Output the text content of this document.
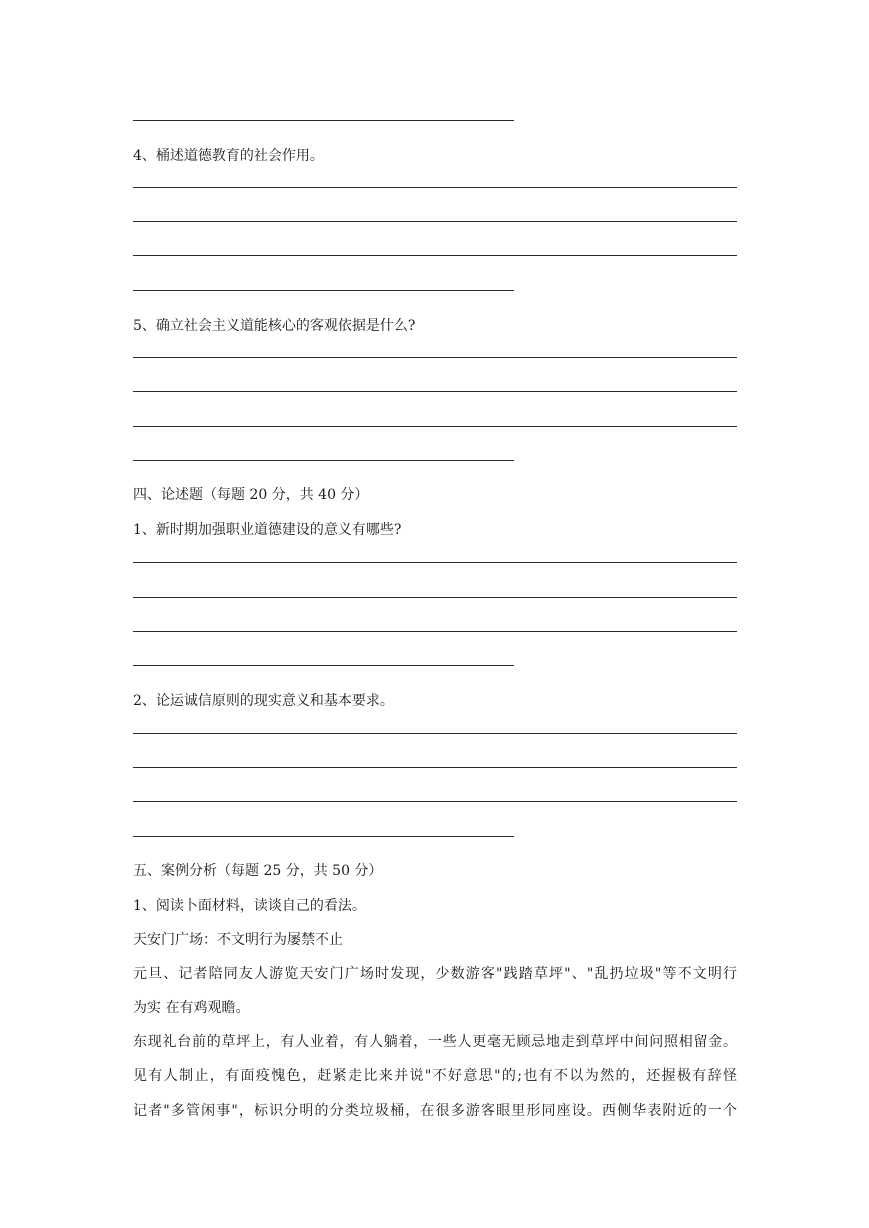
4、桶述道德教育的社会作用。
5、确立社会主义道能核心的客观依据是什么?
四、论述题（每题 20 分，共 40 分）
1、新时期加强职业道德建设的意义有哪些?
2、论运诚信原则的现实意义和基本要求。
五、案例分析（每题 25 分，共 50 分）
1、阅读卜面材料，读谈自己的看法。
天安门广场：不文明行为屡禁不止
元旦、记者陪同友人游览天安门广场时发现，少数游客"践踏草坪"、"乱扔垃圾"等不文明行
为实 在有鸡观瞻。
东现礼台前的草坪上，有人业着，有人躺着，一些人更毫无顾忌地走到草坪中间问照相留金。
见有人制止，有面疫愧色，赶紧走比来并说"不好意思"的;也有不以为然的，还握极有辞怪
记者"多管闲事"，标识分明的分类垃圾桶，在很多游客眼里形同座设。西侧华表附近的一个
